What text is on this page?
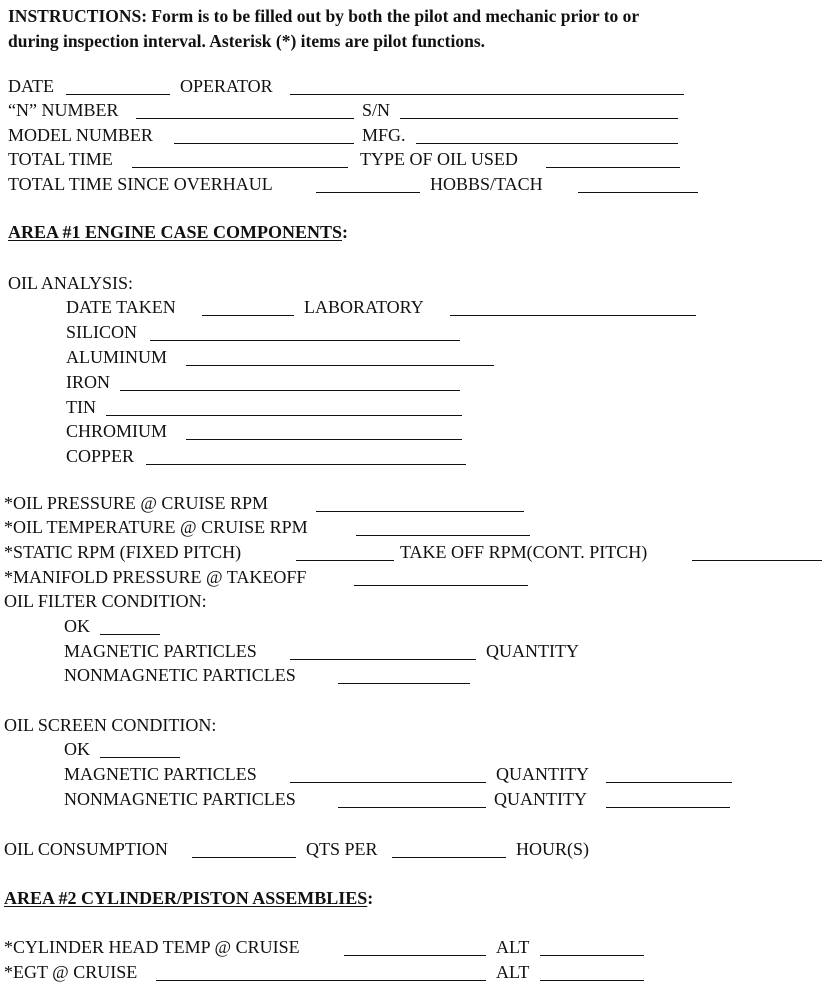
INSTRUCTIONS: Form is to be filled out by both the pilot and mechanic prior to or
during inspection interval. Asterisk (*) items are pilot functions.
DATE	OPERATOR
“N” NUMBER	S/N
MODEL NUMBER	MFG.
TOTAL TIME	TYPE OF OIL USED
TOTAL TIME SINCE OVERHAUL	HOBBS/TACH
AREA #1 ENGINE CASE COMPONENTS:
OIL ANALYSIS:
DATE TAKEN	LABORATORY
SILICON
ALUMINUM
IRON
TIN
CHROMIUM
COPPER
*OIL PRESSURE @ CRUISE RPM
*OIL TEMPERATURE @ CRUISE RPM
*STATIC RPM (FIXED PITCH)	TAKE OFF RPM(CONT. PITCH)
*MANIFOLD PRESSURE @ TAKEOFF
OIL FILTER CONDITION:
OK
MAGNETIC PARTICLES	QUANTITY
NONMAGNETIC PARTICLES
OIL SCREEN CONDITION:
OK
MAGNETIC PARTICLES	QUANTITY
NONMAGNETIC PARTICLES	QUANTITY
OIL CONSUMPTION	QTS PER	HOUR(S)
AREA #2 CYLINDER/PISTON ASSEMBLIES:
*CYLINDER HEAD TEMP @ CRUISE	ALT
*EGT @ CRUISE	ALT
